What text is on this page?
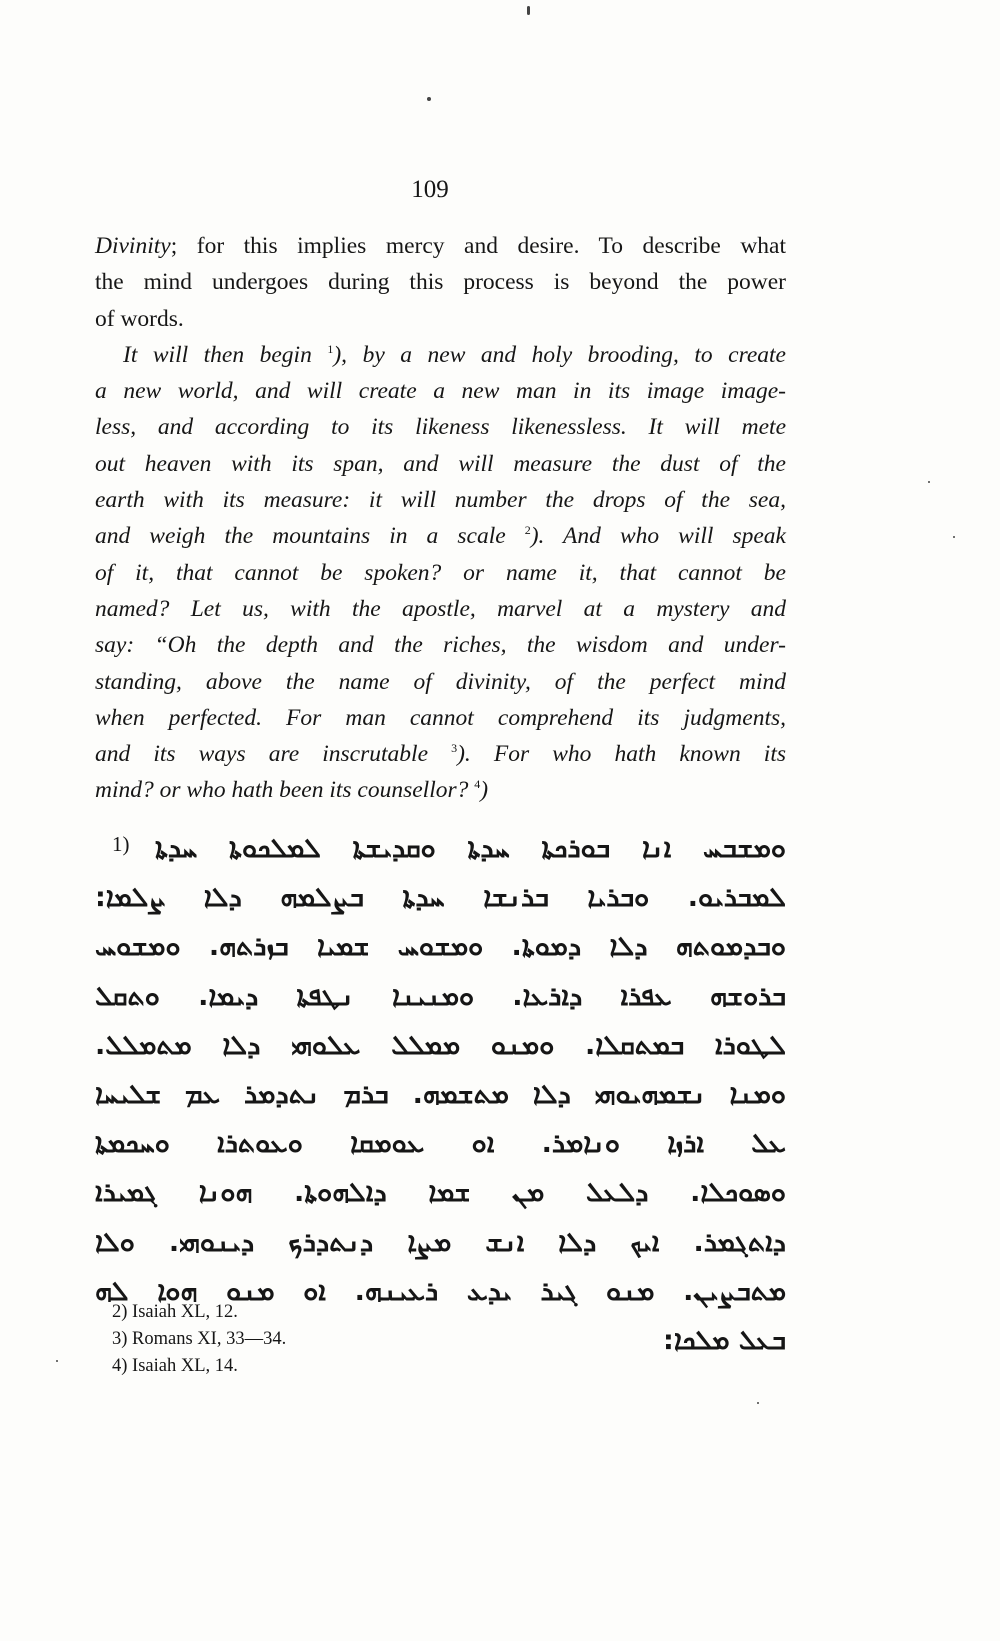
109
Divinity; for this implies mercy and desire. To describe what
the mind undergoes during this process is beyond the power
of words.
It will then begin $^1$), by a new and holy brooding, to create
a new world, and will create a new man in its image image-
less, and according to its likeness likenessless. It will mete
out heaven with its span, and will measure the dust of the
earth with its measure: it will number the drops of the sea,
and weigh the mountains in a scale $^2$). And who will speak
of it, that cannot be spoken? or name it, that cannot be
named? Let us, with the apostle, marvel at a mystery and
say: “Oh the depth and the riches, the wisdom and under-
standing, above the name of divinity, of the perfect mind
when perfected. For man cannot comprehend its judgments,
and its ways are inscrutable $^3$). For who hath known its
mind? or who hath been its counsellor? $^4$)
1) ܘܡܫܒܚ ܐܢܐ ܒܘܪܟܬܐ ܚܕܬܐ ܘܩܕܝܫܬܐ ܠܡܠܟܘܬܐ ܚܕܬܐ
ܠܡܒܪܝܘ. ܘܒܪܝܐ ܒܪܢܫܐ ܚܕܬܐ ܒܨܠܡܗ ܕܠܐ ܨܠܡܐ:
ܘܒܕܡܘܬܗ ܕܠܐ ܕܡܘܬܐ. ܘܡܫܘܚ ܫܡܝܐ ܒܙܪܬܗ. ܘܡܫܘܚ
ܒܪܘܫܗ ܥܦܪܐ ܕܐܪܥܐ. ܘܡܢܝܢܐ ܢܛܦܬܐ ܕܝܡܐ. ܘܬܩܠ
ܠܛܘܪܐ ܒܡܬܩܠܐ. ܘܡܢܘ ܡܡܠܠ ܥܠܘܗܝ ܕܠܐ ܡܬܡܠܠ.
ܘܡܢܐ ܢܫܡܗܝܘܗܝ ܕܠܐ ܡܬܫܡܗ. ܒܪܡ ܢܬܕܡܪ ܥܡ ܫܠܝܚܐ
ܥܠ ܐܪܙܐ ܘܢܐܡܪ. ܐܘ ܥܘܡܩܐ ܘܥܘܬܪܐ ܘܚܟܡܬܐ
ܘܣܘܟܠܐ. ܕܠܥܠ ܡܢ ܫܡܐ ܕܐܠܗܘܬܐ. ܗܘܢܐ ܓܡܝܪܐ
ܕܐܬܓܡܪ. ܐܝܟ ܕܠܐ ܐܢܫ ܡܨܐ ܕܢܬܕܪܟ ܕܝܢܘܗܝ. ܘܠܐ
ܡܬܒܨܝܢ. ܡܢܘ ܓܝܪ ܝܕܥ ܪܥܝܢܗ. ܐܘ ܡܢܘ ܗܘܐ ܠܗ
ܒܥܠ ܡܠܟܐ:
2) Isaiah XL, 12.
3) Romans XI, 33—34.
4) Isaiah XL, 14.
